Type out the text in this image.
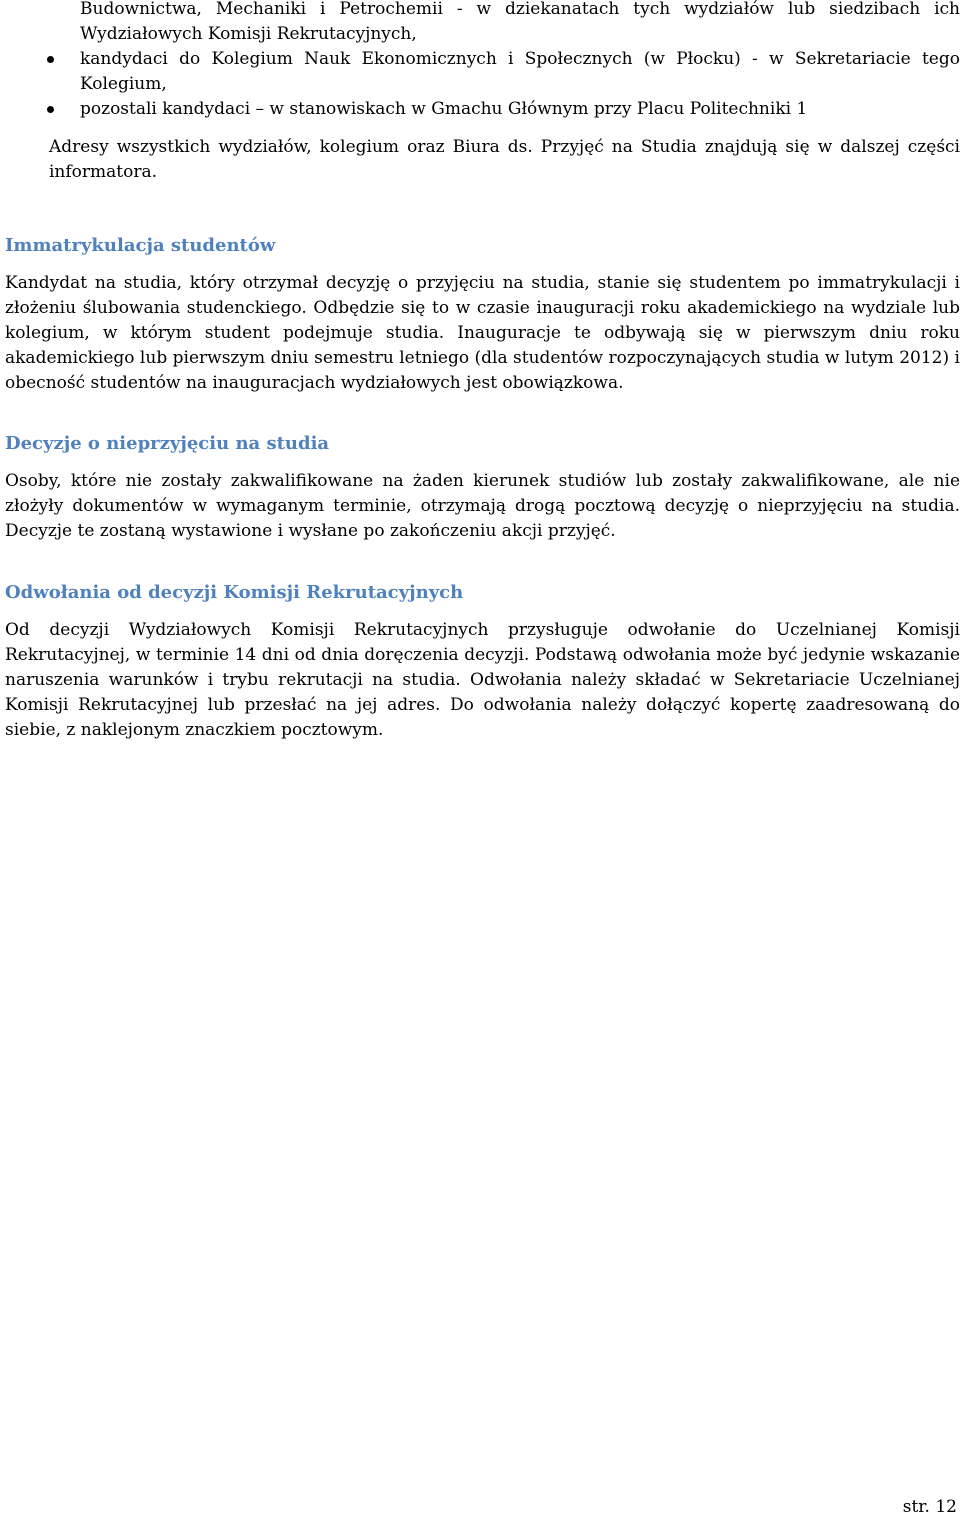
Budownictwa, Mechaniki i Petrochemii - w dziekanatach tych wydziałów lub siedzibach ich Wydziałowych Komisji Rekrutacyjnych,
kandydaci do Kolegium Nauk Ekonomicznych i Społecznych (w Płocku) - w Sekretariacie tego Kolegium,
pozostali kandydaci – w stanowiskach w Gmachu Głównym przy Placu Politechniki 1

Adresy wszystkich wydziałów, kolegium oraz Biura ds. Przyjęć na Studia znajdują się w dalszej części informatora.

Immatrykulacja studentów

Kandydat na studia, który otrzymał decyzję o przyjęciu na studia, stanie się studentem po immatrykulacji i złożeniu ślubowania studenckiego. Odbędzie się to w czasie inauguracji roku akademickiego na wydziale lub kolegium, w którym student podejmuje studia. Inauguracje te odbywają się w pierwszym dniu roku akademickiego lub pierwszym dniu semestru letniego (dla studentów rozpoczynających studia w lutym 2012) i obecność studentów na inauguracjach wydziałowych jest obowiązkowa.

Decyzje o nieprzyjęciu na studia

Osoby, które nie zostały zakwalifikowane na żaden kierunek studiów lub zostały zakwalifikowane, ale nie złożyły dokumentów w wymaganym terminie, otrzymają drogą pocztową decyzję o nieprzyjęciu na studia. Decyzje te zostaną wystawione i wysłane po zakończeniu akcji przyjęć.

Odwołania od decyzji Komisji Rekrutacyjnych

Od decyzji Wydziałowych Komisji Rekrutacyjnych przysługuje odwołanie do Uczelnianej Komisji Rekrutacyjnej, w terminie 14 dni od dnia doręczenia decyzji. Podstawą odwołania może być jedynie wskazanie naruszenia warunków i trybu rekrutacji na studia. Odwołania należy składać w Sekretariacie Uczelnianej Komisji Rekrutacyjnej lub przesłać na jej adres. Do odwołania należy dołączyć kopertę zaadresowaną do siebie, z naklejonym znaczkiem pocztowym.

str. 12
